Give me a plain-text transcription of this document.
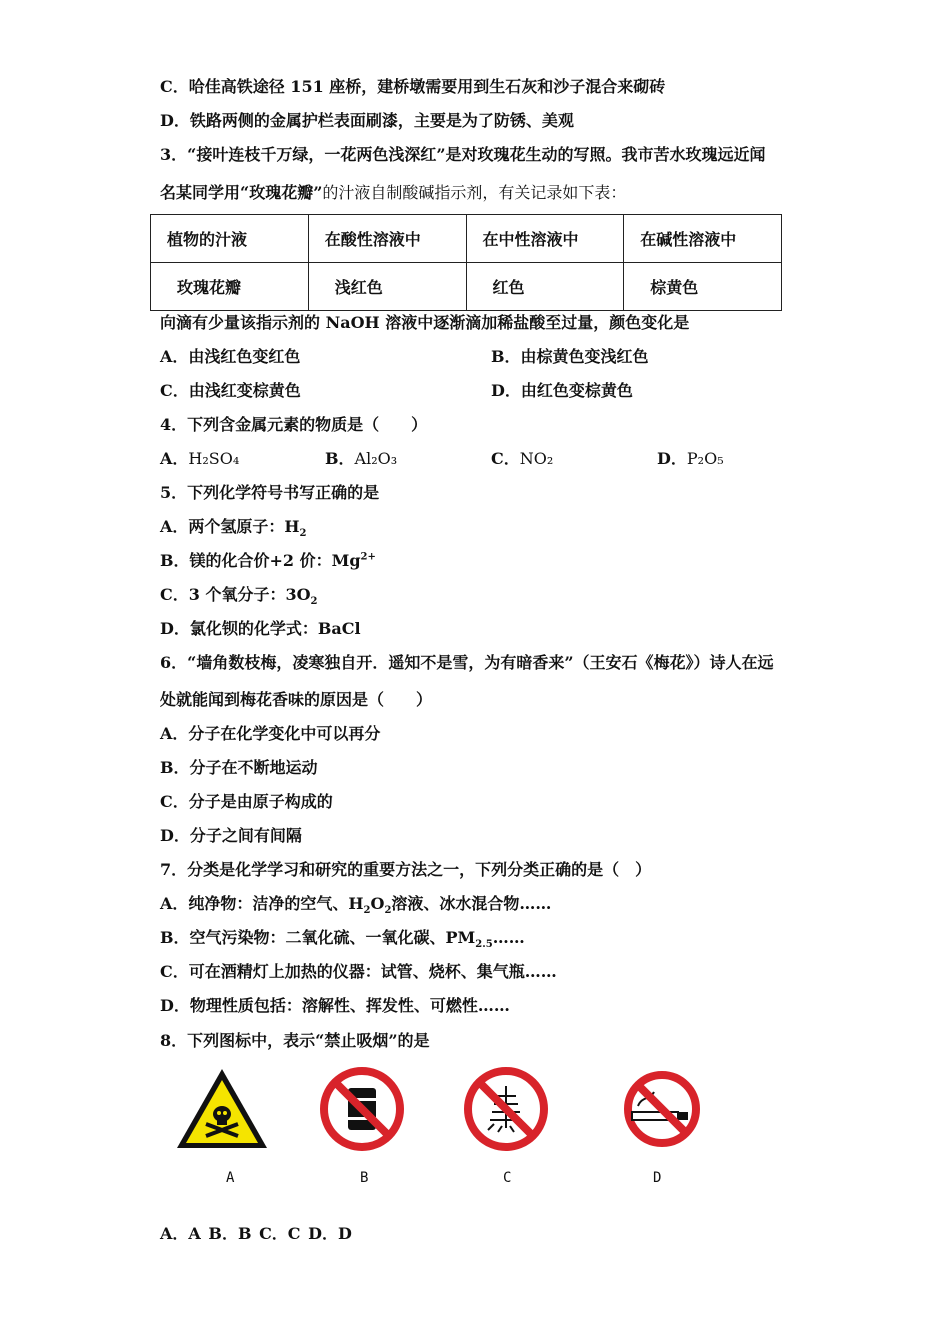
C．哈佳高铁途径 151 座桥，建桥墩需要用到生石灰和沙子混合来砌砖
D．铁路两侧的金属护栏表面刷漆，主要是为了防锈、美观
3．“接叶连枝千万绿，一花两色浅深红”是对玫瑰花生动的写照。我市苦水玫瑰远近闻
名某同学用“玫瑰花瓣”的汁液自制酸碱指示剂，有关记录如下表：
植物的汁液	在酸性溶液中	在中性溶液中	在碱性溶液中
玫瑰花瓣	浅红色	红色	棕黄色
向滴有少量该指示剂的 NaOH 溶液中逐渐滴加稀盐酸至过量，颜色变化是
A．由浅红色变红色	B．由棕黄色变浅红色
C．由浅红变棕黄色	D．由红色变棕黄色
4．下列含金属元素的物质是（　　）
A．H₂SO₄	B．Al₂O₃	C．NO₂	D．P₂O₅
5．下列化学符号书写正确的是
A．两个氢原子：$H_2$
B．镁的化合价+2 价：$Mg^{2+}$
C．3 个氧分子：$3O_2$
D．氯化钡的化学式：BaCl
6．“墙角数枝梅，凌寒独自开．遥知不是雪，为有暗香来”（王安石《梅花》）诗人在远
处就能闻到梅花香味的原因是（　　）
A．分子在化学变化中可以再分
B．分子在不断地运动
C．分子是由原子构成的
D．分子之间有间隔
7．分类是化学学习和研究的重要方法之一，下列分类正确的是（　）
A．纯净物：洁净的空气、$H_2O_2$溶液、冰水混合物……
B．空气污染物：二氧化硫、一氧化碳、$PM_{2.5}\dots\dots$
C．可在酒精灯上加热的仪器：试管、烧杯、集气瓶……
D．物理性质包括：溶解性、挥发性、可燃性……
8．下列图标中，表示“禁止吸烟”的是
A	B	C	D
A．A B．B C．C D．D
